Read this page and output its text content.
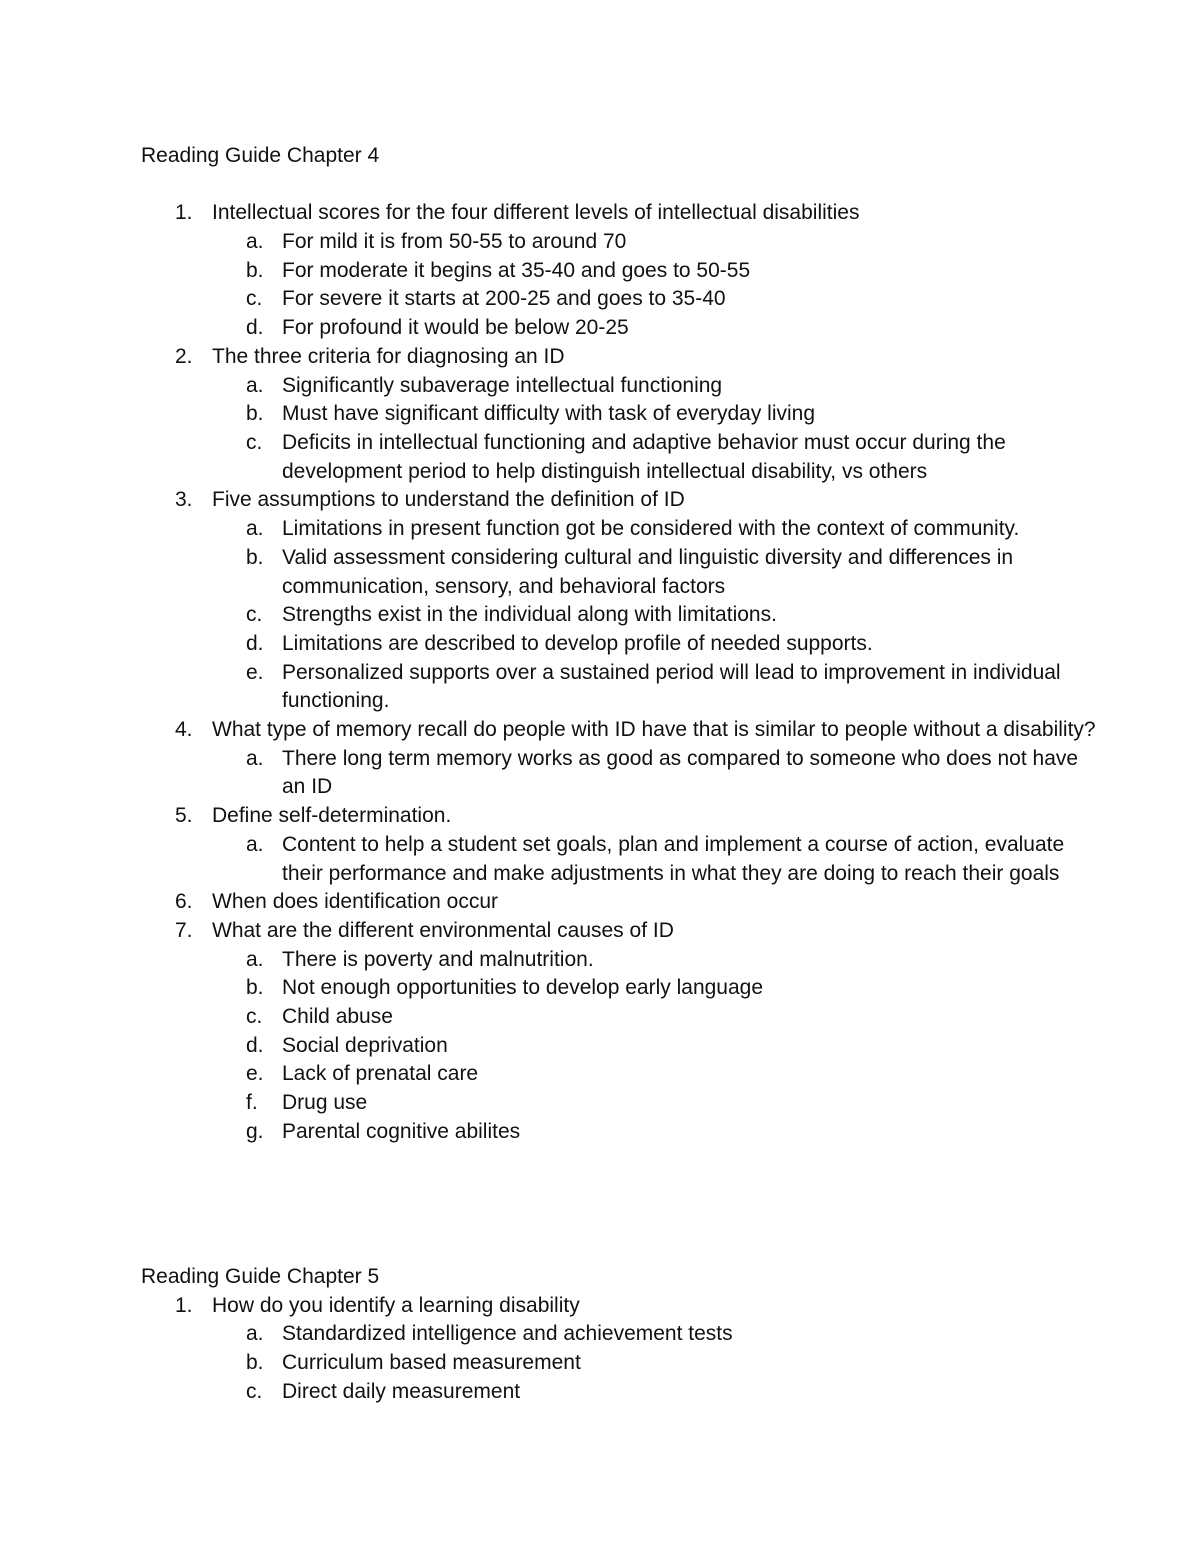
Reading Guide Chapter 4
1. Intellectual scores for the four different levels of intellectual disabilities
a. For mild it is from 50-55 to around 70
b. For moderate it begins at 35-40 and goes to 50-55
c. For severe it starts at 200-25 and goes to 35-40
d. For profound it would be below 20-25
2. The three criteria for diagnosing an ID
a. Significantly subaverage intellectual functioning
b. Must have significant difficulty with task of everyday living
c. Deficits in intellectual functioning and adaptive behavior must occur during the development period to help distinguish intellectual disability, vs others
3. Five assumptions to understand the definition of ID
a. Limitations in present function got be considered with the context of community.
b. Valid assessment considering cultural and linguistic diversity and differences in communication, sensory, and behavioral factors
c. Strengths exist in the individual along with limitations.
d. Limitations are described to develop profile of needed supports.
e. Personalized supports over a sustained period will lead to improvement in individual functioning.
4. What type of memory recall do people with ID have that is similar to people without a disability?
a. There long term memory works as good as compared to someone who does not have an ID
5. Define self-determination.
a. Content to help a student set goals, plan and implement a course of action, evaluate their performance and make adjustments in what they are doing to reach their goals
6. When does identification occur
7. What are the different environmental causes of ID
a. There is poverty and malnutrition.
b. Not enough opportunities to develop early language
c. Child abuse
d. Social deprivation
e. Lack of prenatal care
f.	Drug use
g. Parental cognitive abilites
Reading Guide Chapter 5
1. How do you identify a learning disability
a. Standardized intelligence and achievement tests
b. Curriculum based measurement
c. Direct daily measurement
